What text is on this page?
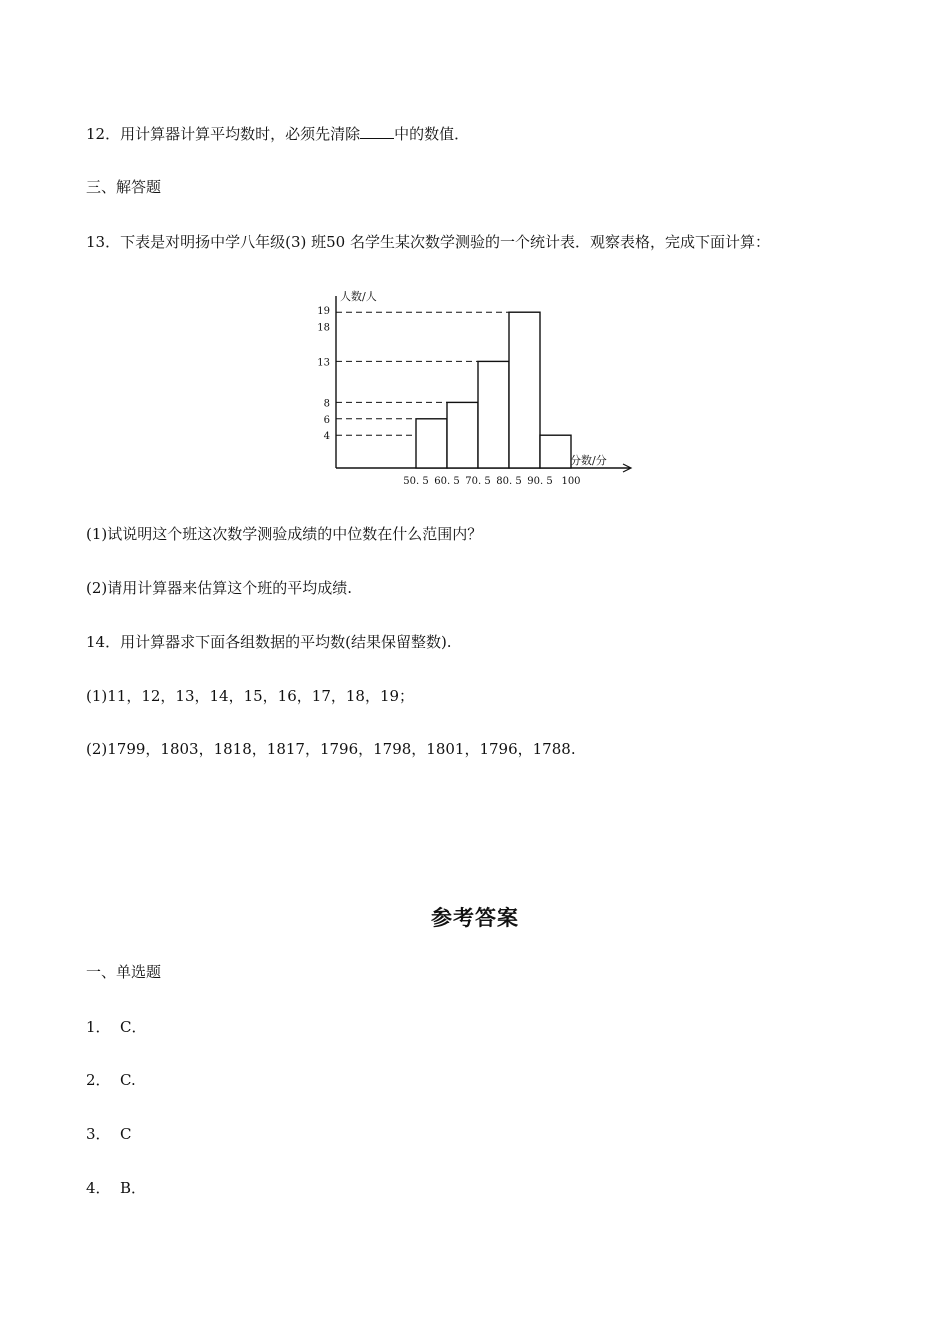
12．用计算器计算平均数时，必须先清除 中的数值．
三、解答题
13．下表是对明扬中学八年级(3) 班50 名学生某次数学测验的一个统计表．观察表格，完成下面计算：
4
6
8
13
18
19
50. 5 60. 5 70. 5 80. 5 90. 5 100
人数/人
分数/分
(1)试说明这个班这次数学测验成绩的中位数在什么范围内？
(2)请用计算器来估算这个班的平均成绩.
14．用计算器求下面各组数据的平均数(结果保留整数).
(1)11，12，13，14，15，16，17，18，19；
(2)1799，1803，1818，1817，1796，1798，1801，1796，1788.
参考答案
一、单选题
1． C．
2． C.
3． C
4． B．
